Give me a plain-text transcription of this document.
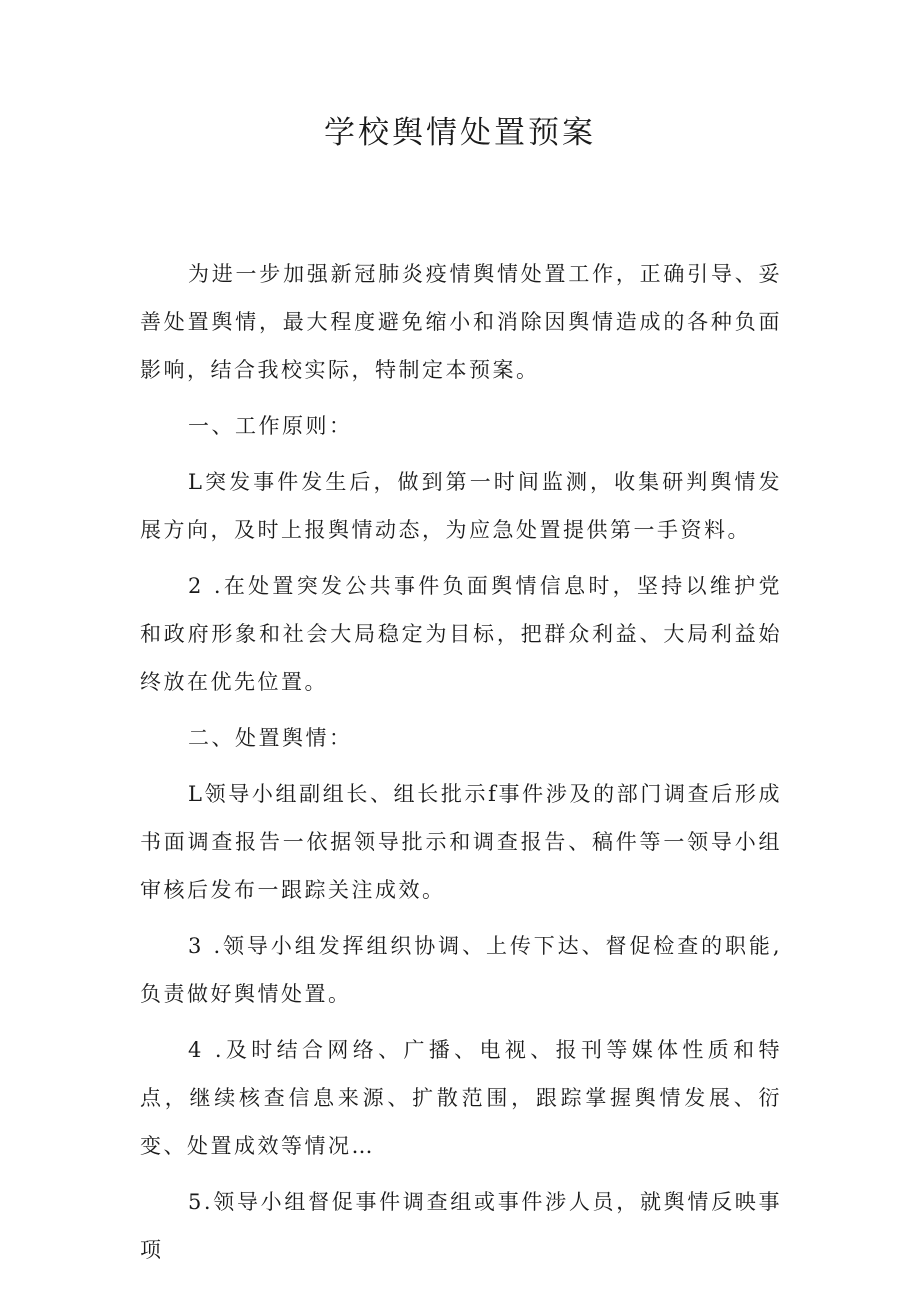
学校舆情处置预案

为进一步加强新冠肺炎疫情舆情处置工作，正确引导、妥善处置舆情，最大程度避免缩小和消除因舆情造成的各种负面影响，结合我校实际，特制定本预案。

一、工作原则：

L突发事件发生后，做到第一时间监测，收集研判舆情发展方向，及时上报舆情动态，为应急处置提供第一手资料。

2 .在处置突发公共事件负面舆情信息时，坚持以维护党和政府形象和社会大局稳定为目标，把群众利益、大局利益始终放在优先位置。

二、处置舆情：

L领导小组副组长、组长批示f事件涉及的部门调查后形成书面调查报告一依据领导批示和调查报告、稿件等一领导小组审核后发布一跟踪关注成效。

3 .领导小组发挥组织协调、上传下达、督促检查的职能,负责做好舆情处置。

4 .及时结合网络、广播、电视、报刊等媒体性质和特点，继续核查信息来源、扩散范围，跟踪掌握舆情发展、衍变、处置成效等情况…

5.领导小组督促事件调查组或事件涉人员，就舆情反映事项
